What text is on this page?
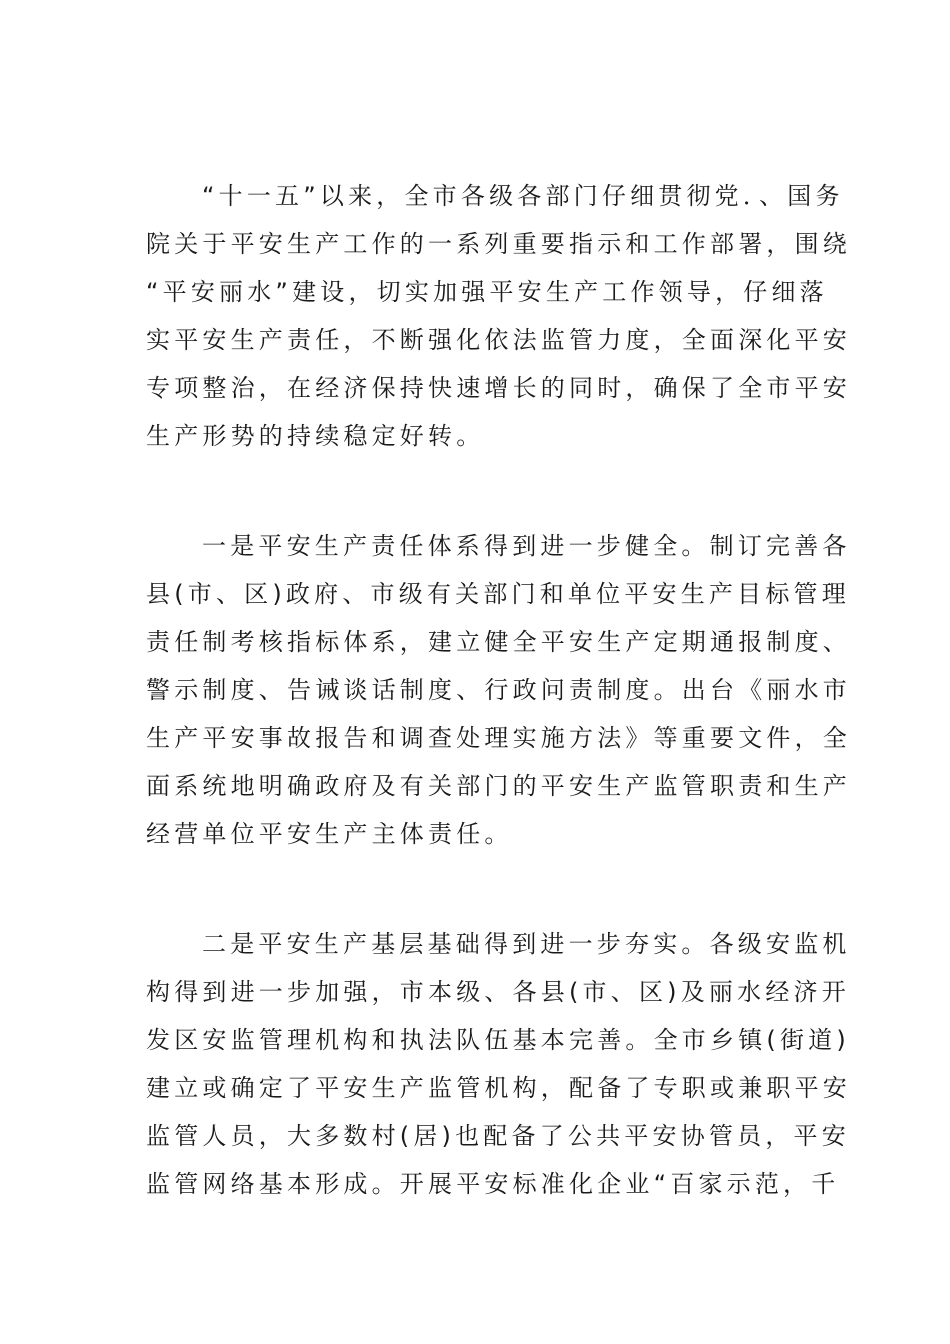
“十一五”以来，全市各级各部门仔细贯彻党．、国务
院关于平安生产工作的一系列重要指示和工作部署，围绕
“平安丽水”建设，切实加强平安生产工作领导，仔细落
实平安生产责任，不断强化依法监管力度，全面深化平安
专项整治，在经济保持快速增长的同时，确保了全市平安
生产形势的持续稳定好转。
一是平安生产责任体系得到进一步健全。制订完善各
县(市、区)政府、市级有关部门和单位平安生产目标管理
责任制考核指标体系，建立健全平安生产定期通报制度、
警示制度、告诫谈话制度、行政问责制度。出台《丽水市
生产平安事故报告和调查处理实施方法》等重要文件，全
面系统地明确政府及有关部门的平安生产监管职责和生产
经营单位平安生产主体责任。
二是平安生产基层基础得到进一步夯实。各级安监机
构得到进一步加强，市本级、各县(市、区)及丽水经济开
发区安监管理机构和执法队伍基本完善。全市乡镇(街道)
建立或确定了平安生产监管机构，配备了专职或兼职平安
监管人员，大多数村(居)也配备了公共平安协管员，平安
监管网络基本形成。开展平安标准化企业“百家示范，千
